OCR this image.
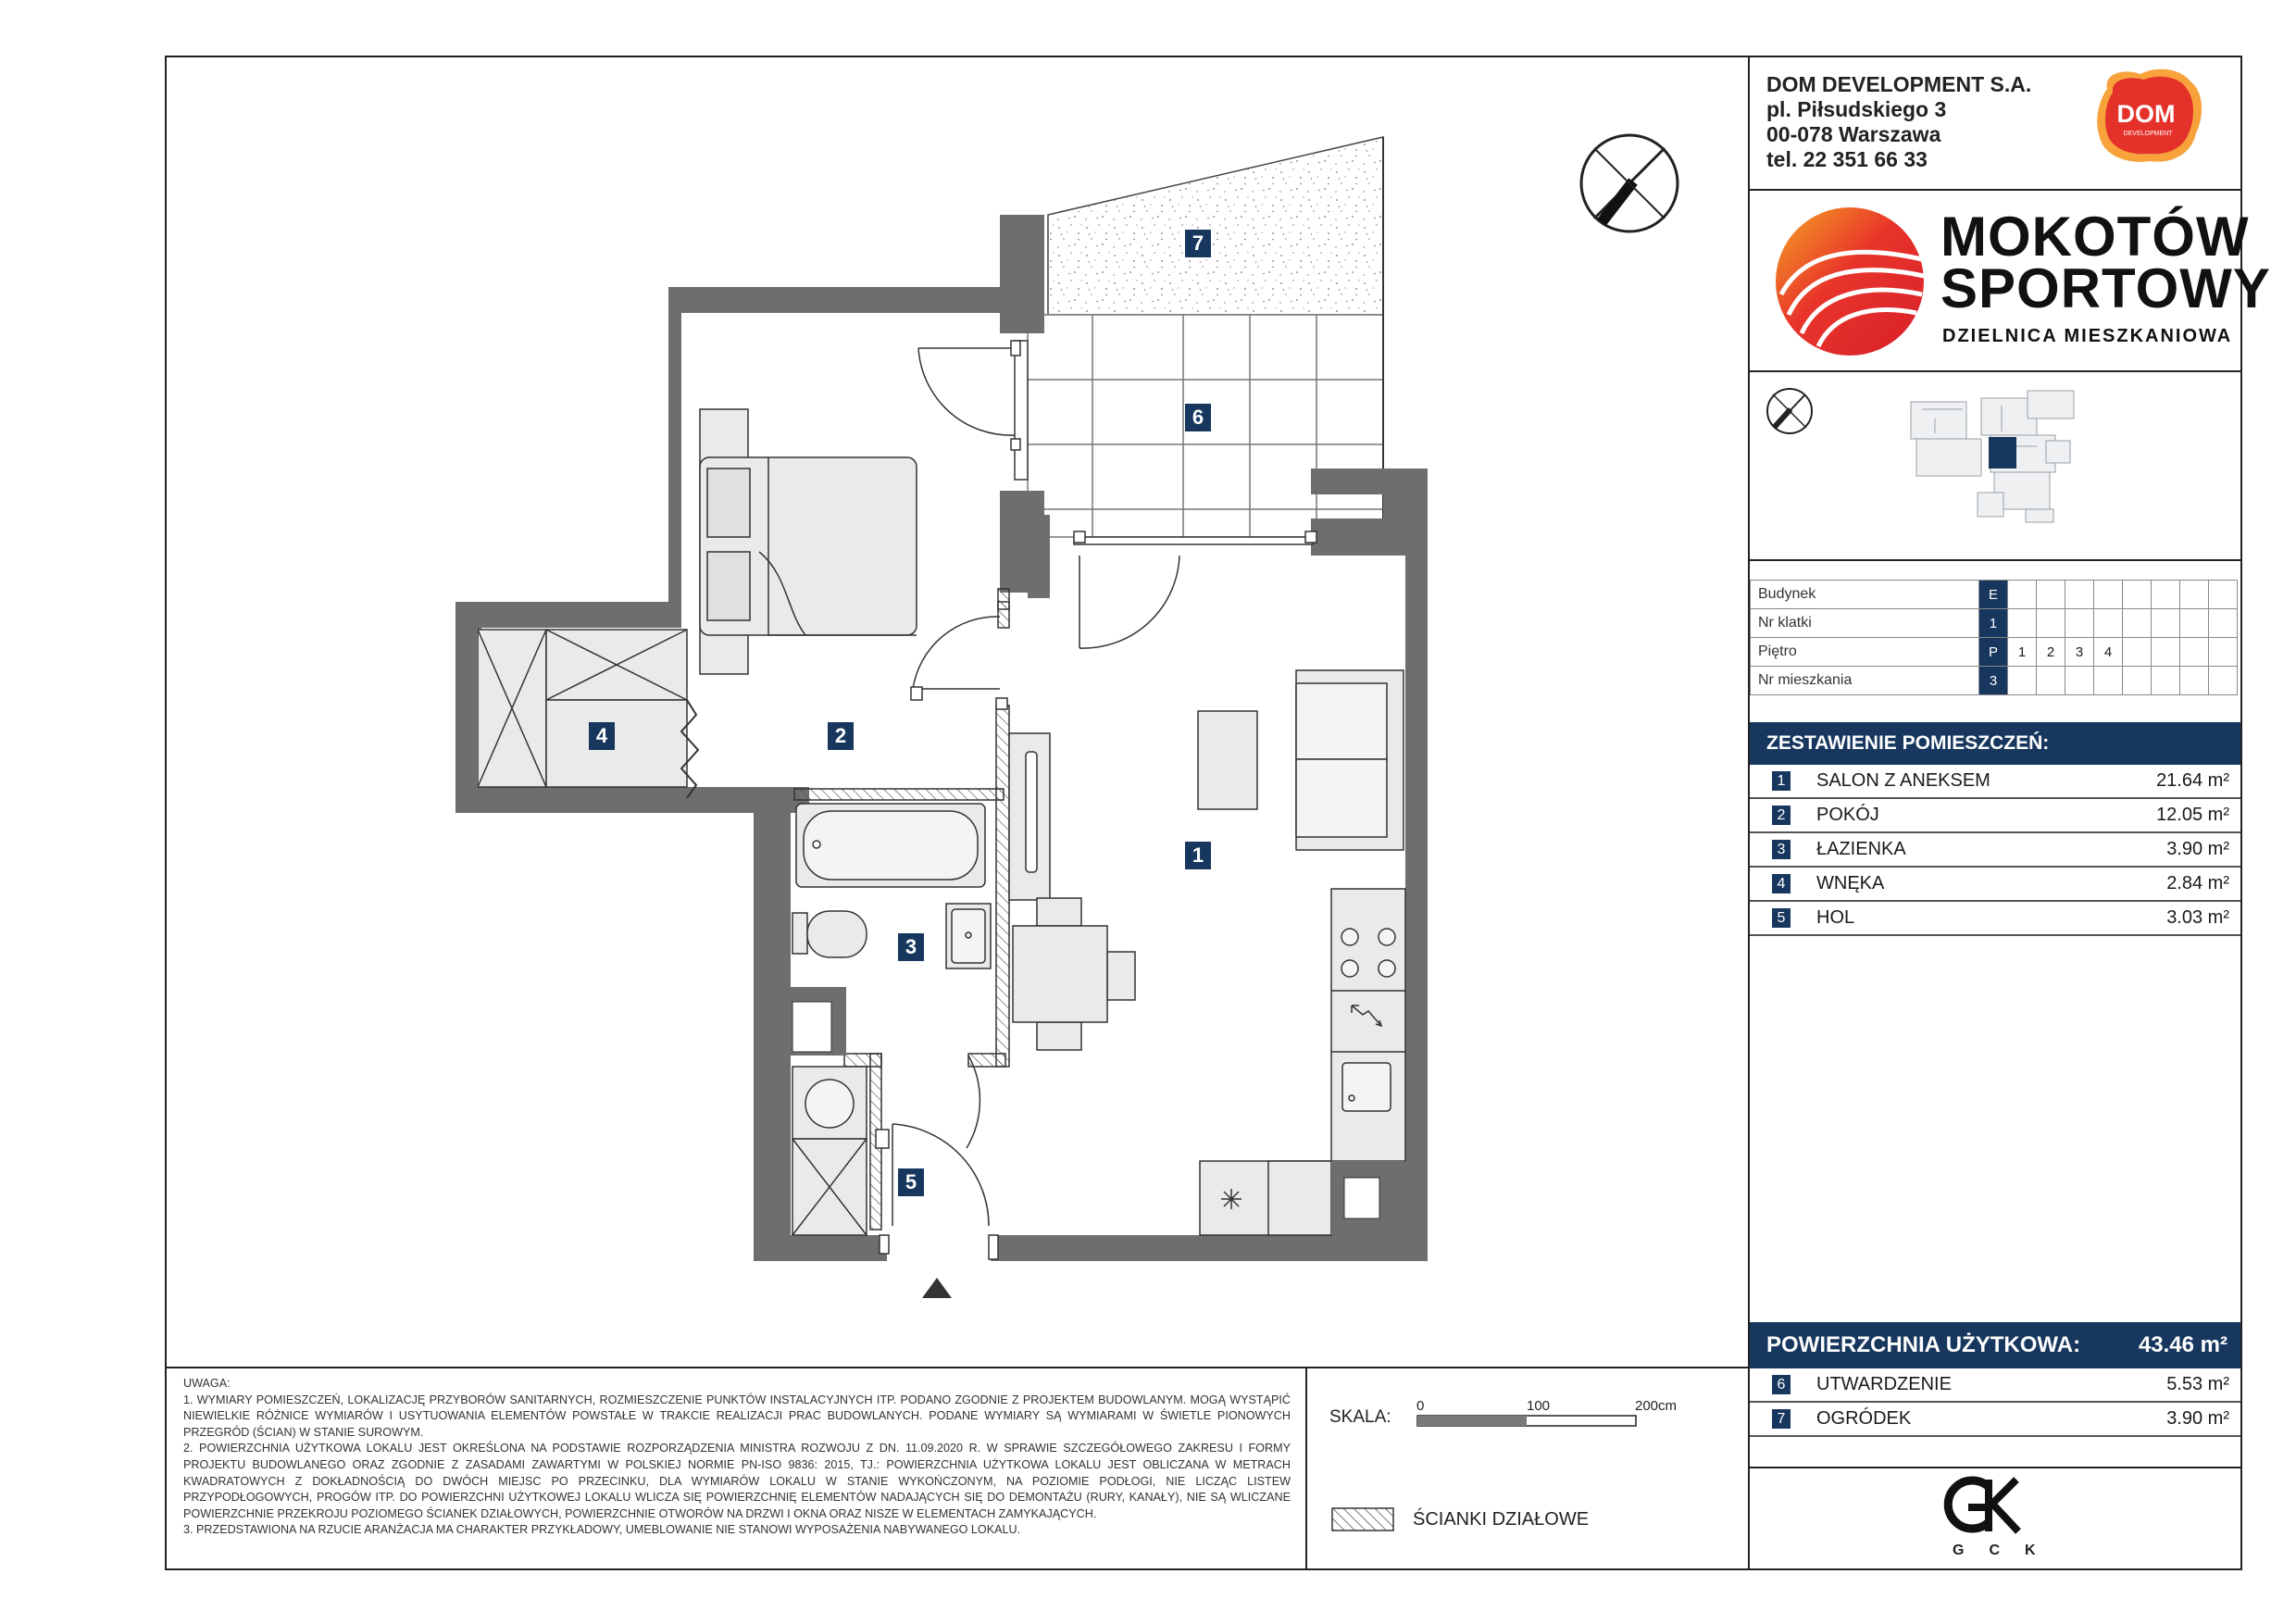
DOM DEVELOPMENT S.A.
pl. Piłsudskiego 3
00-078 Warszawa
tel. 22 351 66 33
DOM
DEVELOPMENT
MOKOTÓW
SPORTOWY
DZIELNICA MIESZKANIOWA
Budynek	E								
Nr klatki	1								
Piętro	P	1	2	3	4				
Nr mieszkania	3								
ZESTAWIENIE POMIESZCZEŃ:
1 SALON Z ANEKSEM	21.64 m²
2 POKÓJ	12.05 m²
3 ŁAZIENKA	3.90 m²
4 WNĘKA	2.84 m²
5 HOL	3.03 m²
POWIERZCHNIA UŻYTKOWA:	43.46 m²
6 UTWARDZENIE	5.53 m²
7 OGRÓDEK	3.90 m²

UWAGA:

1. WYMIARY POMIESZCZEŃ, LOKALIZACJĘ PRZYBORÓW SANITARNYCH, ROZMIESZCZENIE PUNKTÓW INSTALACYJNYCH ITP. PODANO ZGODNIE Z PROJEKTEM BUDOWLANYM. MOGĄ WYSTĄPIĆ NIEWIELKIE RÓŻNICE WYMIARÓW I USYTUOWANIA ELEMENTÓW POWSTAŁE W TRAKCIE REALIZACJI PRAC BUDOWLANYCH. PODANE WYMIARY SĄ WYMIARAMI W ŚWIETLE PIONOWYCH PRZEGRÓD (ŚCIAN) W STANIE SUROWYM.

2. POWIERZCHNIA UŻYTKOWA LOKALU JEST OKREŚLONA NA PODSTAWIE ROZPORZĄDZENIA MINISTRA ROZWOJU Z DN. 11.09.2020 R. W SPRAWIE SZCZEGÓŁOWEGO ZAKRESU I FORMY PROJEKTU BUDOWLANEGO ORAZ ZGODNIE Z ZASADAMI ZAWARTYMI W POLSKIEJ NORMIE PN-ISO 9836: 2015, TJ.: POWIERZCHNIA UŻYTKOWA LOKALU JEST OBLICZANA W METRACH KWADRATOWYCH Z DOKŁADNOŚCIĄ DO DWÓCH MIEJSC PO PRZECINKU, DLA WYMIARÓW LOKALU W STANIE WYKOŃCZONYM, NA POZIOMIE PODŁOGI, NIE LICZĄC LISTEW PRZYPODŁOGOWYCH, PROGÓW ITP. DO POWIERZCHNI UŻYTKOWEJ LOKALU WLICZA SIĘ POWIERZCHNIĘ ELEMENTÓW NADAJĄCYCH SIĘ DO DEMONTAŻU (RURY, KANAŁY), NIE SĄ WLICZANE POWIERZCHNIE PRZEKROJU POZIOMEGO ŚCIANEK DZIAŁOWYCH, POWIERZCHNIE OTWORÓW NA DRZWI I OKNA ORAZ NISZE W ELEMENTACH ZAMYKAJĄCYCH.

3. PRZEDSTAWIONA NA RZUCIE ARANŻACJA MA CHARAKTER PRZYKŁADOWY, UMEBLOWANIE NIE STANOWI WYPOSAŻENIA NABYWANEGO LOKALU.

SKALA:
0	100	200cm
ŚCIANKI DZIAŁOWE
GCK
1
2
3
4
5
6
7
